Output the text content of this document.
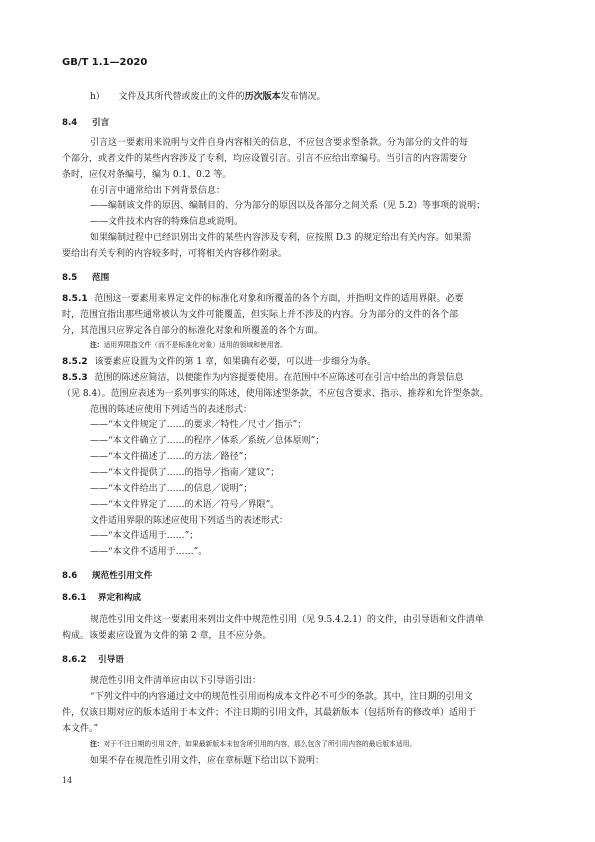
GB/T 1.1—2020
h） 文件及其所代替或废止的文件的历次版本发布情况。
8.4 引言
引言这一要素用来说明与文件自身内容相关的信息，不应包含要求型条款。分为部分的文件的每
个部分，或者文件的某些内容涉及了专利，均应设置引言。引言不应给出章编号。当引言的内容需要分
条时，应仅对条编号，编为 0.1、0.2 等。
在引言中通常给出下列背景信息：
——编制该文件的原因、编制目的、分为部分的原因以及各部分之间关系（见 5.2）等事项的说明；
——文件技术内容的特殊信息或说明。
如果编制过程中已经识别出文件的某些内容涉及专利，应按照 D.3 的规定给出有关内容。如果需
要给出有关专利的内容较多时，可将相关内容移作附录。
8.5 范围
8.5.1 范围这一要素用来界定文件的标准化对象和所覆盖的各个方面，并指明文件的适用界限。必要
时，范围宜指出那些通常被认为文件可能覆盖，但实际上并不涉及的内容。分为部分的文件的各个部
分，其范围只应界定各自部分的标准化对象和所覆盖的各个方面。
注：适用界限指文件（而不是标准化对象）适用的领域和使用者。
8.5.2 该要素应设置为文件的第 1 章，如果确有必要，可以进一步细分为条。
8.5.3 范围的陈述应简洁，以便能作为内容提要使用。在范围中不应陈述可在引言中给出的背景信息
（见 8.4）。范围应表述为一系列事实的陈述，使用陈述型条款，不应包含要求、指示、推荐和允许型条款。
范围的陈述应使用下列适当的表述形式：
——“本文件规定了……的要求／特性／尺寸／指示”；
——“本文件确立了……的程序／体系／系统／总体原则”；
——“本文件描述了……的方法／路径”；
——“本文件提供了……的指导／指南／建议”；
——“本文件给出了……的信息／说明”；
——“本文件界定了……的术语／符号／界限”。
文件适用界限的陈述应使用下列适当的表述形式：
——“本文件适用于……”；
——“本文件不适用于……”。
8.6 规范性引用文件
8.6.1 界定和构成
规范性引用文件这一要素用来列出文件中规范性引用（见 9.5.4.2.1）的文件，由引导语和文件清单
构成。该要素应设置为文件的第 2 章，且不应分条。
8.6.2 引导语
规范性引用文件清单应由以下引导语引出：
“下列文件中的内容通过文中的规范性引用而构成本文件必不可少的条款。其中，注日期的引用文
件，仅该日期对应的版本适用于本文件；不注日期的引用文件，其最新版本（包括所有的修改单）适用于
本文件。”
注：对于不注日期的引用文件，如果最新版本未包含所引用的内容，那么包含了所引用内容的最后版本适用。
如果不存在规范性引用文件，应在章标题下给出以下说明：
14
